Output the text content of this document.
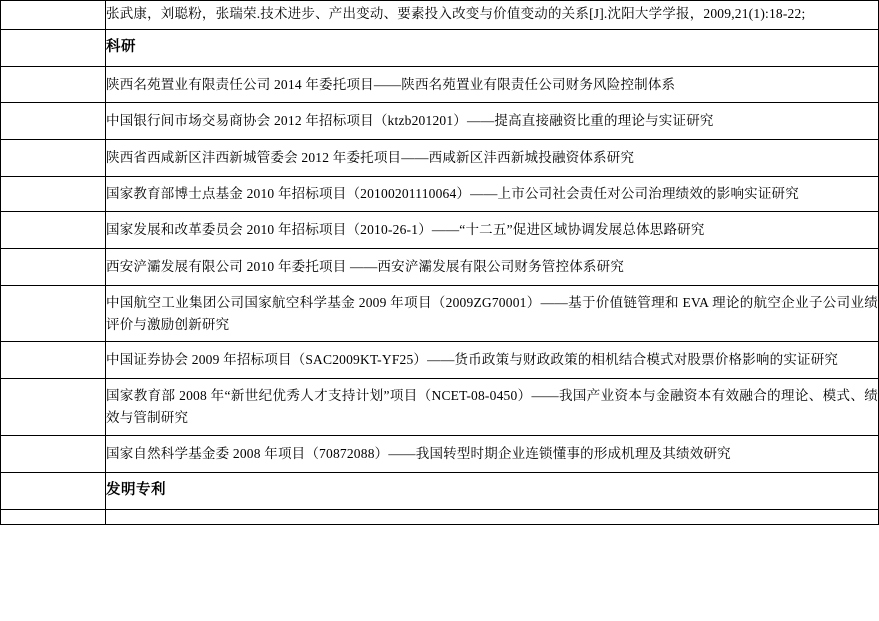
	张武康，刘聪粉，张瑞荣.技术进步、产出变动、要素投入改变与价值变动的关系[J].沈阳大学学报，2009,21(1):18-22;

	科研

	陕西名苑置业有限责任公司 2014 年委托项目——陕西名苑置业有限责任公司财务风险控制体系

	中国银行间市场交易商协会 2012 年招标项目（ktzb201201）——提高直接融资比重的理论与实证研究

	陕西省西咸新区沣西新城管委会 2012 年委托项目——西咸新区沣西新城投融资体系研究

	国家教育部博士点基金 2010 年招标项目（20100201110064）——上市公司社会责任对公司治理绩效的影响实证研究

	国家发展和改革委员会 2010 年招标项目（2010-26-1）——“十二五”促进区域协调发展总体思路研究

	西安浐灞发展有限公司 2010 年委托项目 ——西安浐灞发展有限公司财务管控体系研究

	中国航空工业集团公司国家航空科学基金 2009 年项目（2009ZG70001）——基于价值链管理和 EVA 理论的航空企业子公司业绩评价与激励创新研究

	中国证券协会 2009 年招标项目（SAC2009KT-YF25）——货币政策与财政政策的相机结合模式对股票价格影响的实证研究

	国家教育部 2008 年“新世纪优秀人才支持计划”项目（NCET-08-0450）——我国产业资本与金融资本有效融合的理论、模式、绩效与管制研究

	国家自然科学基金委 2008 年项目（70872088）——我国转型时期企业连锁懂事的形成机理及其绩效研究

	发明专利
